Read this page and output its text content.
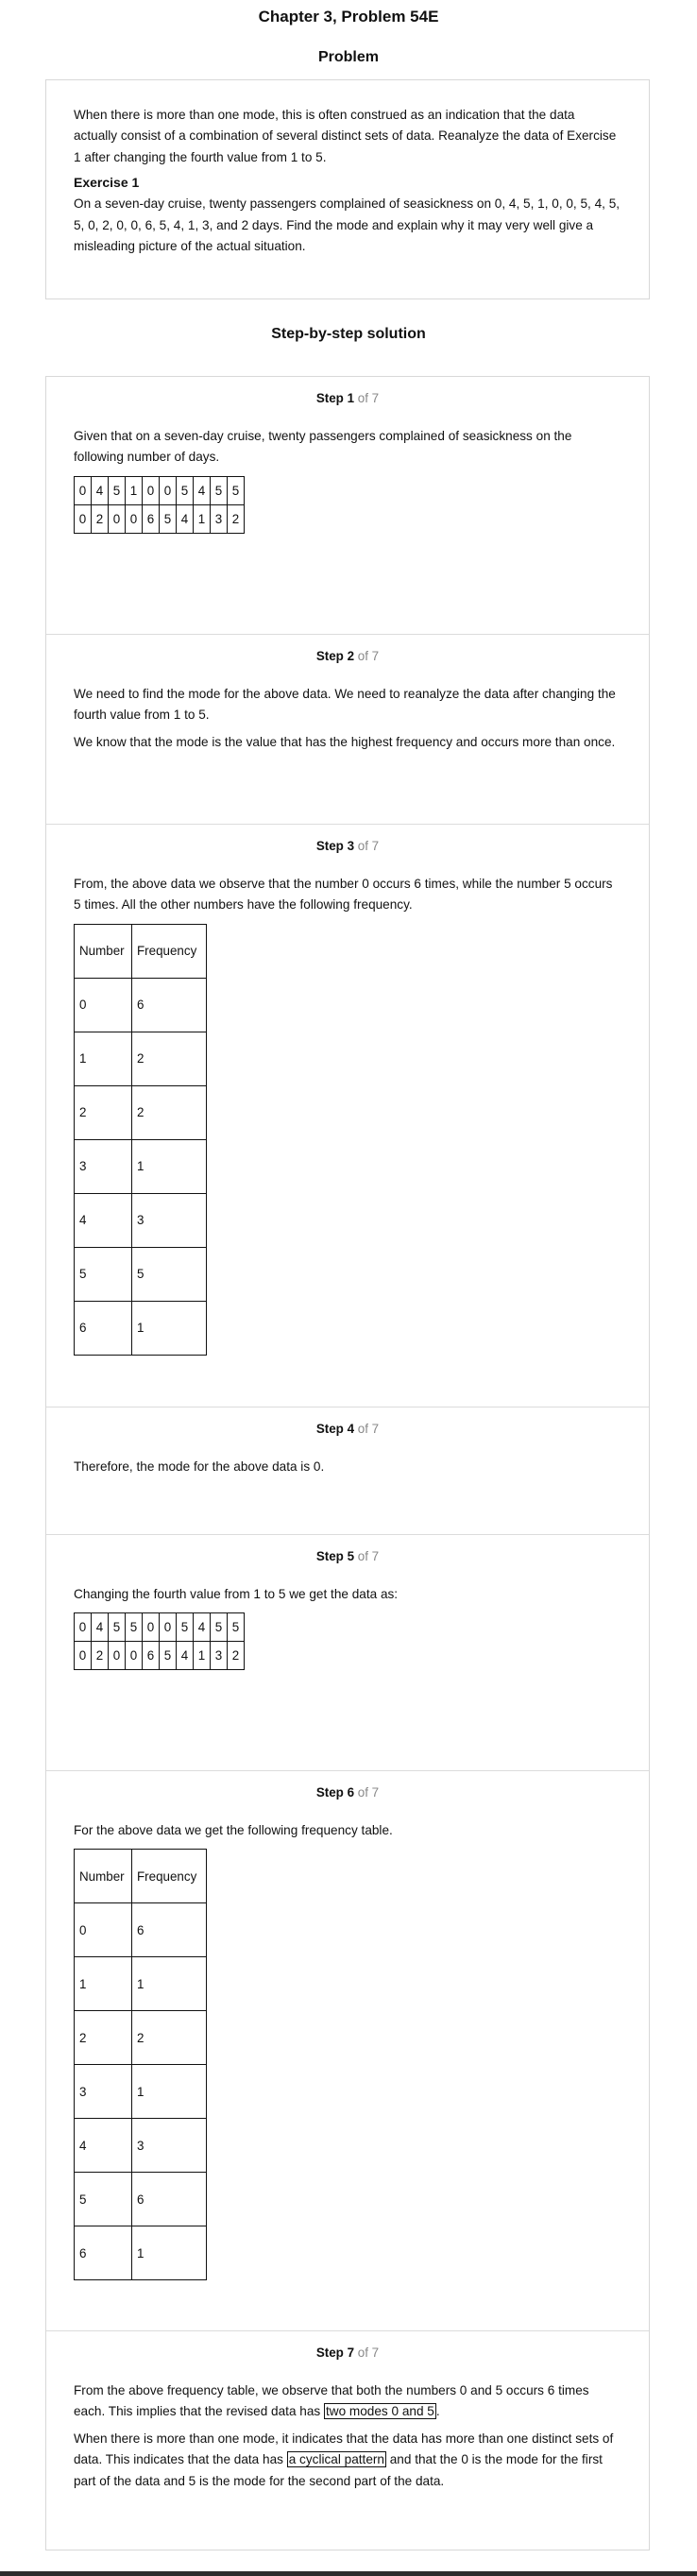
Chapter 3, Problem 54E
Problem

When there is more than one mode, this is often construed as an indication that the data actually consist of a combination of several distinct sets of data. Reanalyze the data of Exercise 1 after changing the fourth value from 1 to 5.

Exercise 1

On a seven-day cruise, twenty passengers complained of seasickness on 0, 4, 5, 1, 0, 0, 5, 4, 5, 5, 0, 2, 0, 0, 6, 5, 4, 1, 3, and 2 days. Find the mode and explain why it may very well give a misleading picture of the actual situation.

Step-by-step solution
Step 1 of 7

Given that on a seven-day cruise, twenty passengers complained of seasickness on the following number of days.

0	4	5	1	0	0	5	4	5	5
0	2	0	0	6	5	4	1	3	2
Step 2 of 7

We need to find the mode for the above data. We need to reanalyze the data after changing the fourth value from 1 to 5.

We know that the mode is the value that has the highest frequency and occurs more than once.

Step 3 of 7

From, the above data we observe that the number 0 occurs 6 times, while the number 5 occurs 5 times. All the other numbers have the following frequency.

Number	Frequency
0	6
1	2
2	2
3	1
4	3
5	5
6	1
Step 4 of 7

Therefore, the mode for the above data is 0.

Step 5 of 7

Changing the fourth value from 1 to 5 we get the data as:

0	4	5	5	0	0	5	4	5	5
0	2	0	0	6	5	4	1	3	2
Step 6 of 7

For the above data we get the following frequency table.

Number	Frequency
0	6
1	1
2	2
3	1
4	3
5	6
6	1
Step 7 of 7

From the above frequency table, we observe that both the numbers 0 and 5 occurs 6 times each. This implies that the revised data has two modes 0 and 5 .

When there is more than one mode, it indicates that the data has more than one distinct sets of data. This indicates that the data has a cyclical pattern and that the 0 is the mode for the first part of the data and 5 is the mode for the second part of the data.
